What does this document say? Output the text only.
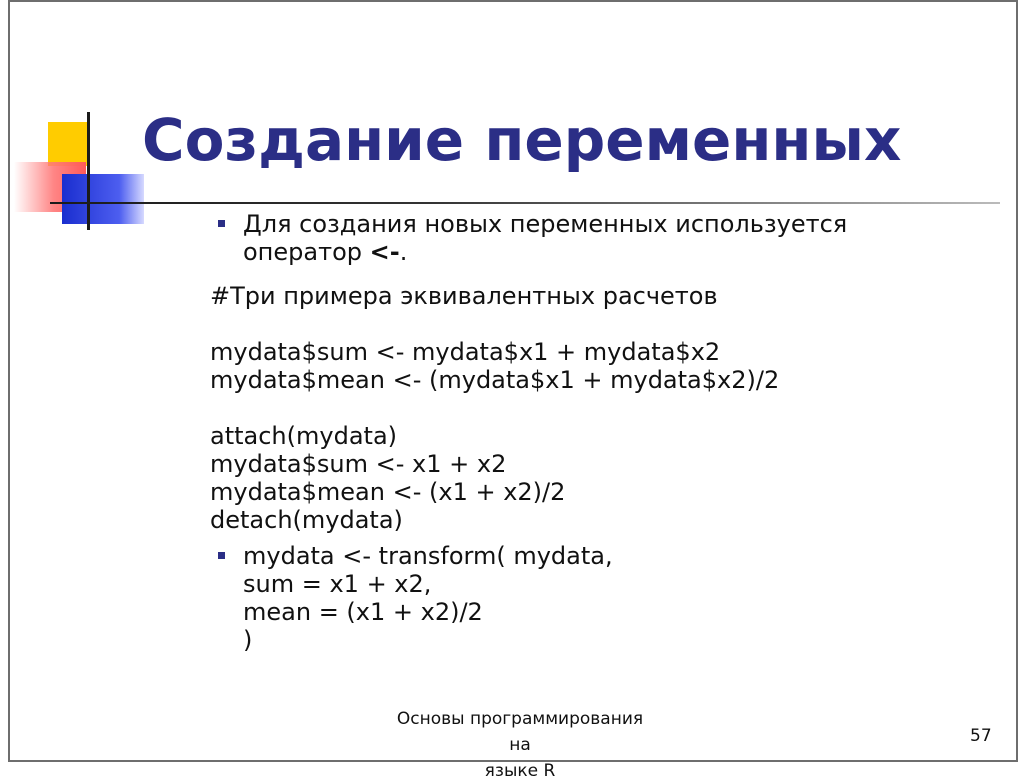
Создание переменных
Для создания новых переменных используется
оператор <-.
#Три примера эквивалентных расчетов

mydata$sum <- mydata$x1 + mydata$x2
mydata$mean <- (mydata$x1 + mydata$x2)/2

attach(mydata)
mydata$sum <- x1 + x2
mydata$mean <- (x1 + x2)/2
detach(mydata)
mydata <- transform( mydata,
sum = x1 + x2,
mean = (x1 + x2)/2
)
Основы программирования на
языке R
57
